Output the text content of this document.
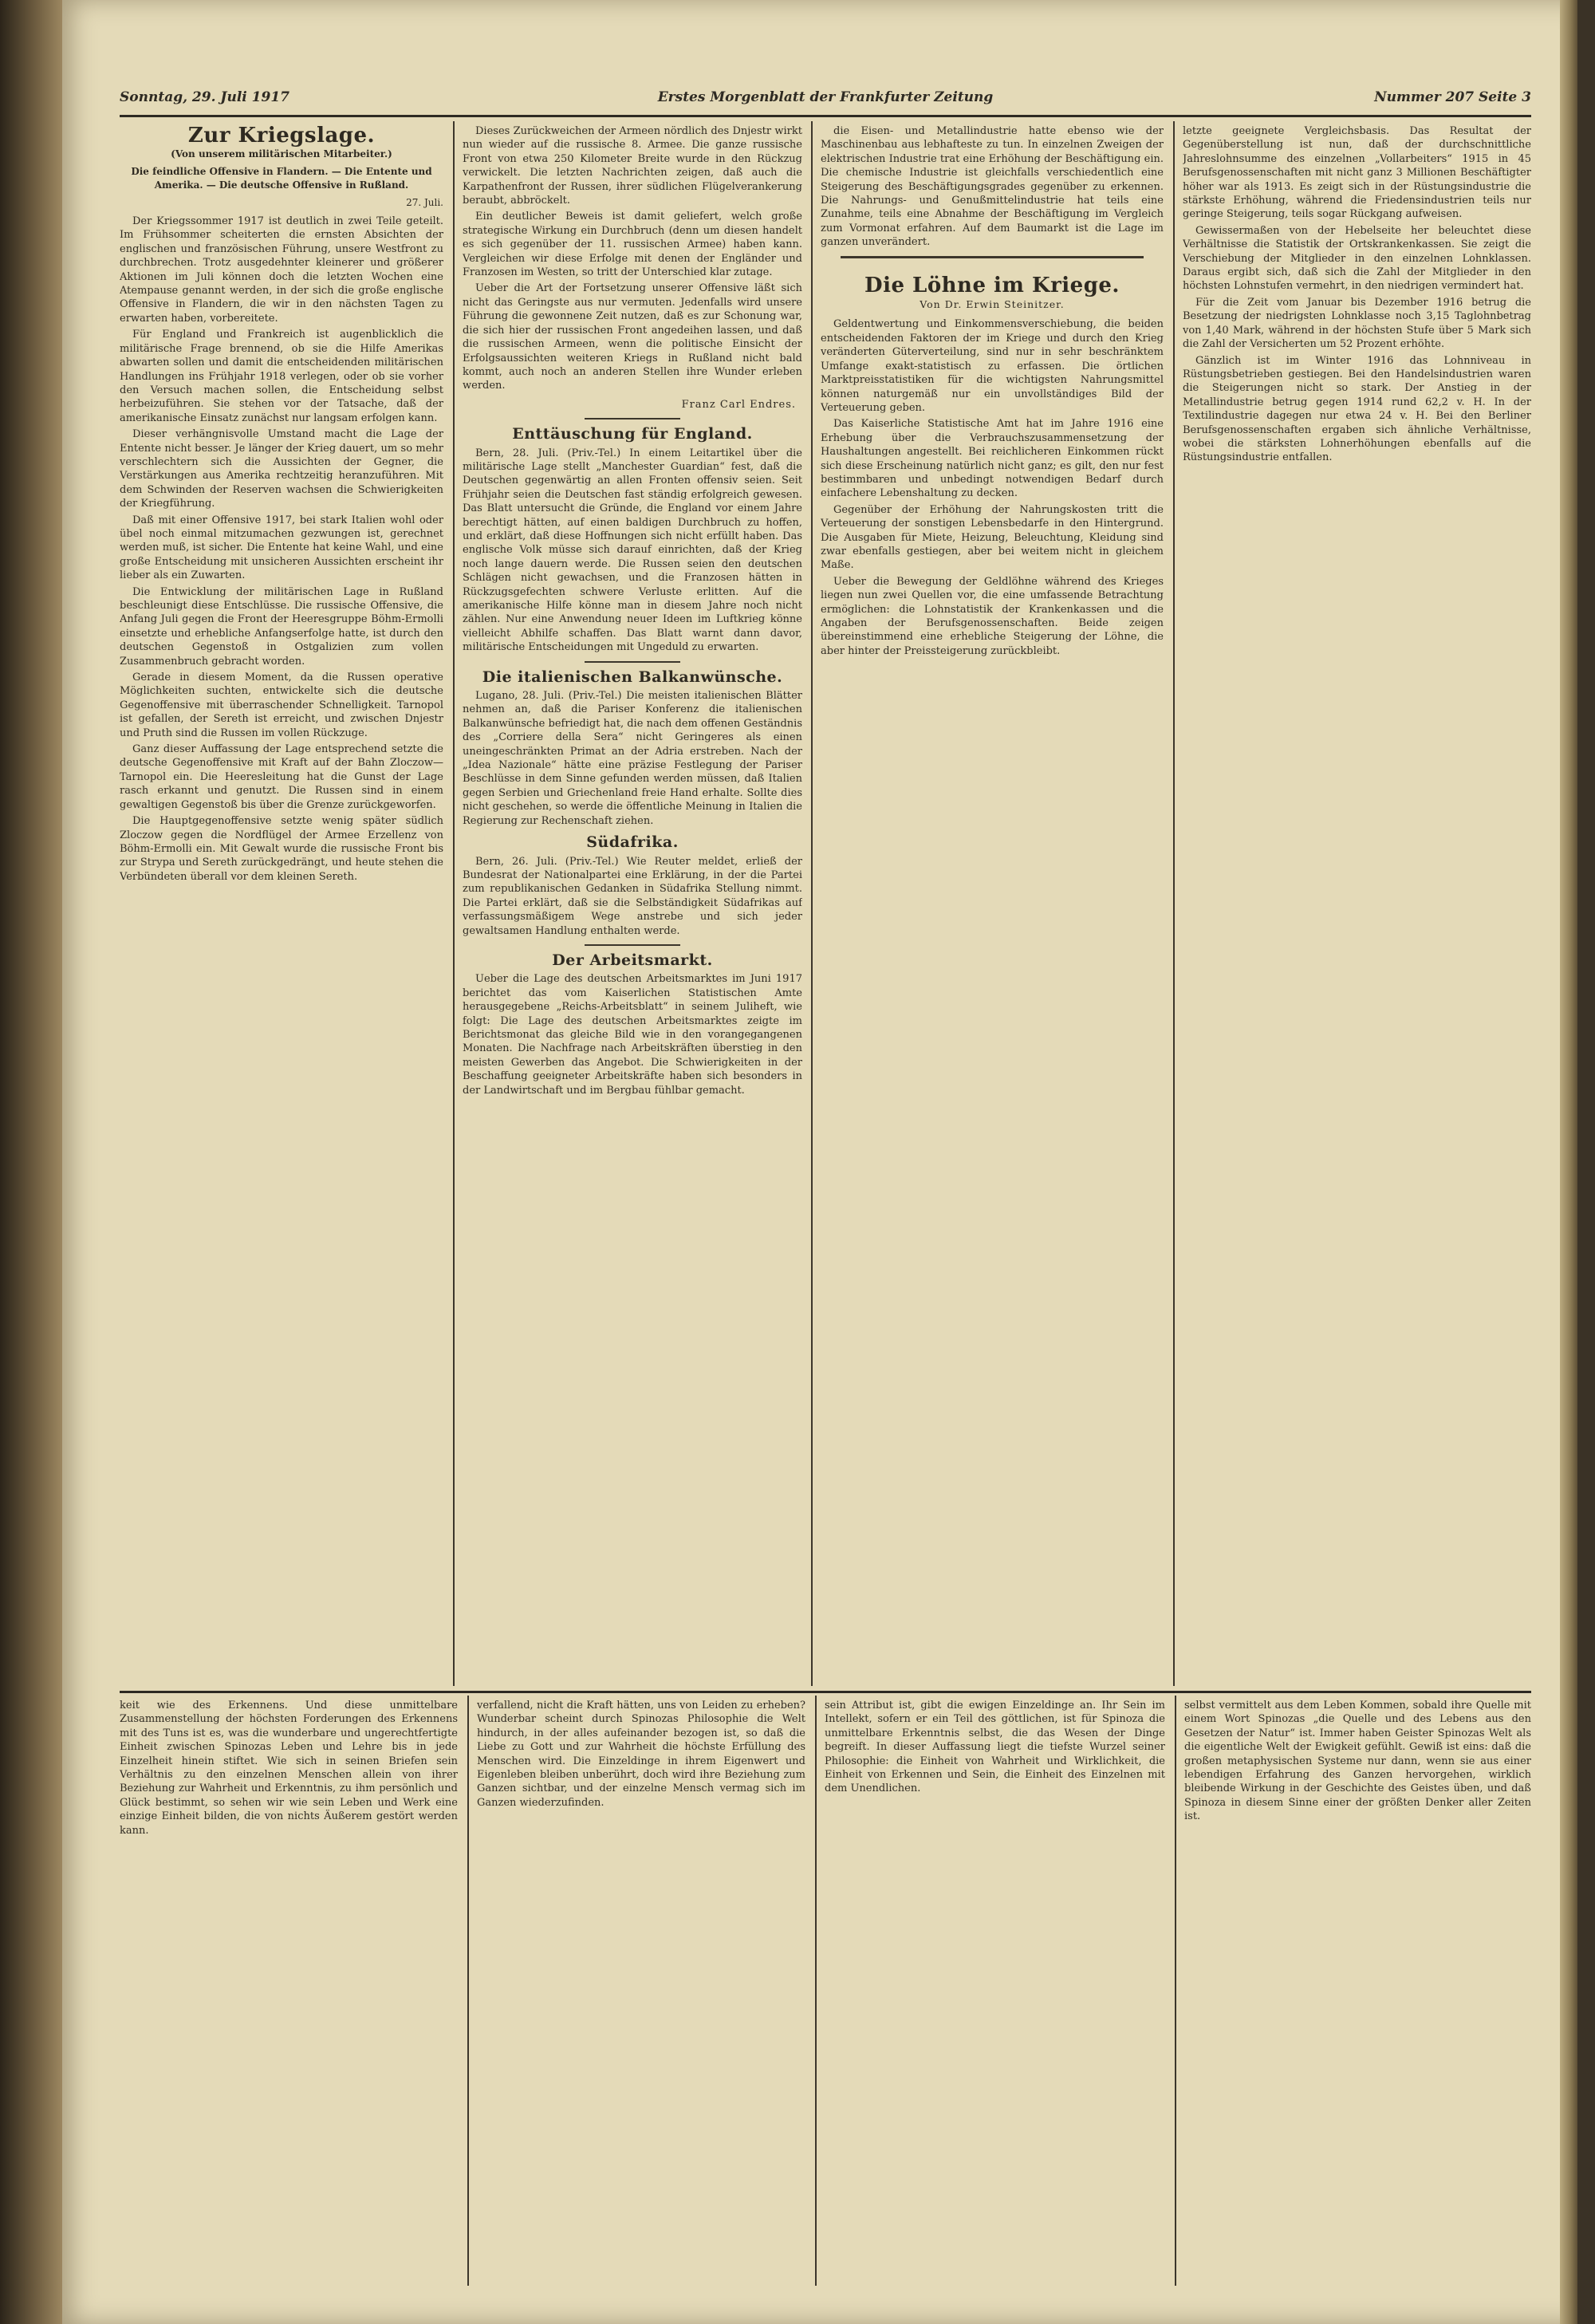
Sonntag, 29. Juli 1917	Erstes Morgenblatt der Frankfurter Zeitung	Nummer 207 Seite 3
Zur Kriegslage.
(Von unserem militärischen Mitarbeiter.)
Die feindliche Offensive in Flandern. — Die Entente und Amerika. — Die deutsche Offensive in Rußland.
27. Juli.

Der Kriegssommer 1917 ist deutlich in zwei Teile geteilt. Im Frühsommer scheiterten die ernsten Absichten der englischen und französischen Führung, unsere Westfront zu durchbrechen. Trotz ausgedehnter kleinerer und größerer Aktionen im Juli können doch die letzten Wochen eine Atempause genannt werden, in der sich die große englische Offensive in Flandern, die wir in den nächsten Tagen zu erwarten haben, vorbereitete.

Für England und Frankreich ist augenblicklich die militärische Frage brennend, ob sie die Hilfe Amerikas abwarten sollen und damit die entscheidenden militärischen Handlungen ins Frühjahr 1918 verlegen, oder ob sie vorher den Versuch machen sollen, die Entscheidung selbst herbeizuführen. Sie stehen vor der Tatsache, daß der amerikanische Einsatz zunächst nur langsam erfolgen kann.

Dieser verhängnisvolle Umstand macht die Lage der Entente nicht besser. Je länger der Krieg dauert, um so mehr verschlechtern sich die Aussichten der Gegner, die Verstärkungen aus Amerika rechtzeitig heranzuführen. Mit dem Schwinden der Reserven wachsen die Schwierigkeiten der Kriegführung.

Daß mit einer Offensive 1917, bei stark Italien wohl oder übel noch einmal mitzumachen gezwungen ist, gerechnet werden muß, ist sicher. Die Entente hat keine Wahl, und eine große Entscheidung mit unsicheren Aussichten erscheint ihr lieber als ein Zuwarten.

Die Entwicklung der militärischen Lage in Rußland beschleunigt diese Entschlüsse. Die russische Offensive, die Anfang Juli gegen die Front der Heeresgruppe Böhm-Ermolli einsetzte und erhebliche Anfangserfolge hatte, ist durch den deutschen Gegenstoß in Ostgalizien zum vollen Zusammenbruch gebracht worden.

Gerade in diesem Moment, da die Russen operative Möglichkeiten suchten, entwickelte sich die deutsche Gegenoffensive mit überraschender Schnelligkeit. Tarnopol ist gefallen, der Sereth ist erreicht, und zwischen Dnjestr und Pruth sind die Russen im vollen Rückzuge.

Ganz dieser Auffassung der Lage entsprechend setzte die deutsche Gegenoffensive mit Kraft auf der Bahn Zloczow—Tarnopol ein. Die Heeresleitung hat die Gunst der Lage rasch erkannt und genutzt. Die Russen sind in einem gewaltigen Gegenstoß bis über die Grenze zurückgeworfen.

Die Hauptgegenoffensive setzte wenig später südlich Zloczow gegen die Nordflügel der Armee Erzellenz von Böhm-Ermolli ein. Mit Gewalt wurde die russische Front bis zur Strypa und Sereth zurückgedrängt, und heute stehen die Verbündeten überall vor dem kleinen Sereth.

Dieses Zurückweichen der Armeen nördlich des Dnjestr wirkt nun wieder auf die russische 8. Armee. Die ganze russische Front von etwa 250 Kilometer Breite wurde in den Rückzug verwickelt. Die letzten Nachrichten zeigen, daß auch die Karpathenfront der Russen, ihrer südlichen Flügelverankerung beraubt, abbröckelt.

Ein deutlicher Beweis ist damit geliefert, welch große strategische Wirkung ein Durchbruch (denn um diesen handelt es sich gegenüber der 11. russischen Armee) haben kann. Vergleichen wir diese Erfolge mit denen der Engländer und Franzosen im Westen, so tritt der Unterschied klar zutage.

Ueber die Art der Fortsetzung unserer Offensive läßt sich nicht das Geringste aus nur vermuten. Jedenfalls wird unsere Führung die gewonnene Zeit nutzen, daß es zur Schonung war, die sich hier der russischen Front angedeihen lassen, und daß die russischen Armeen, wenn die politische Einsicht der Erfolgsaussichten weiteren Kriegs in Rußland nicht bald kommt, auch noch an anderen Stellen ihre Wunder erleben werden.

Franz Carl Endres.
Enttäuschung für England.

Bern, 28. Juli. (Priv.-Tel.) In einem Leitartikel über die militärische Lage stellt „Manchester Guardian“ fest, daß die Deutschen gegenwärtig an allen Fronten offensiv seien. Seit Frühjahr seien die Deutschen fast ständig erfolgreich gewesen. Das Blatt untersucht die Gründe, die England vor einem Jahre berechtigt hätten, auf einen baldigen Durchbruch zu hoffen, und erklärt, daß diese Hoffnungen sich nicht erfüllt haben. Das englische Volk müsse sich darauf einrichten, daß der Krieg noch lange dauern werde. Die Russen seien den deutschen Schlägen nicht gewachsen, und die Franzosen hätten in Rückzugsgefechten schwere Verluste erlitten. Auf die amerikanische Hilfe könne man in diesem Jahre noch nicht zählen. Nur eine Anwendung neuer Ideen im Luftkrieg könne vielleicht Abhilfe schaffen. Das Blatt warnt dann davor, militärische Entscheidungen mit Ungeduld zu erwarten.

Die italienischen Balkanwünsche.

Lugano, 28. Juli. (Priv.-Tel.) Die meisten italienischen Blätter nehmen an, daß die Pariser Konferenz die italienischen Balkanwünsche befriedigt hat, die nach dem offenen Geständnis des „Corriere della Sera“ nicht Geringeres als einen uneingeschränkten Primat an der Adria erstreben. Nach der „Idea Nazionale“ hätte eine präzise Festlegung der Pariser Beschlüsse in dem Sinne gefunden werden müssen, daß Italien gegen Serbien und Griechenland freie Hand erhalte. Sollte dies nicht geschehen, so werde die öffentliche Meinung in Italien die Regierung zur Rechenschaft ziehen.

Südafrika.

Bern, 26. Juli. (Priv.-Tel.) Wie Reuter meldet, erließ der Bundesrat der Nationalpartei eine Erklärung, in der die Partei zum republikanischen Gedanken in Südafrika Stellung nimmt. Die Partei erklärt, daß sie die Selbständigkeit Südafrikas auf verfassungsmäßigem Wege anstrebe und sich jeder gewaltsamen Handlung enthalten werde.

Der Arbeitsmarkt.

Ueber die Lage des deutschen Arbeitsmarktes im Juni 1917 berichtet das vom Kaiserlichen Statistischen Amte herausgegebene „Reichs-Arbeitsblatt“ in seinem Juliheft, wie folgt: Die Lage des deutschen Arbeitsmarktes zeigte im Berichtsmonat das gleiche Bild wie in den vorangegangenen Monaten. Die Nachfrage nach Arbeitskräften überstieg in den meisten Gewerben das Angebot. Die Schwierigkeiten in der Beschaffung geeigneter Arbeitskräfte haben sich besonders in der Landwirtschaft und im Bergbau fühlbar gemacht.

die Eisen- und Metallindustrie hatte ebenso wie der Maschinenbau aus lebhafteste zu tun. In einzelnen Zweigen der elektrischen Industrie trat eine Erhöhung der Beschäftigung ein. Die chemische Industrie ist gleichfalls verschiedentlich eine Steigerung des Beschäftigungsgrades gegenüber zu erkennen. Die Nahrungs- und Genußmittelindustrie hat teils eine Zunahme, teils eine Abnahme der Beschäftigung im Vergleich zum Vormonat erfahren. Auf dem Baumarkt ist die Lage im ganzen unverändert.

Die Löhne im Kriege.
Von Dr. Erwin Steinitzer.

Geldentwertung und Einkommensverschiebung, die beiden entscheidenden Faktoren der im Kriege und durch den Krieg veränderten Güterverteilung, sind nur in sehr beschränktem Umfange exakt-statistisch zu erfassen. Die örtlichen Marktpreisstatistiken für die wichtigsten Nahrungsmittel können naturgemäß nur ein unvollständiges Bild der Verteuerung geben.

Das Kaiserliche Statistische Amt hat im Jahre 1916 eine Erhebung über die Verbrauchszusammensetzung der Haushaltungen angestellt. Bei reichlicheren Einkommen rückt sich diese Erscheinung natürlich nicht ganz; es gilt, den nur fest bestimmbaren und unbedingt notwendigen Bedarf durch einfachere Lebenshaltung zu decken.

Gegenüber der Erhöhung der Nahrungskosten tritt die Verteuerung der sonstigen Lebensbedarfe in den Hintergrund. Die Ausgaben für Miete, Heizung, Beleuchtung, Kleidung sind zwar ebenfalls gestiegen, aber bei weitem nicht in gleichem Maße.

Ueber die Bewegung der Geldlöhne während des Krieges liegen nun zwei Quellen vor, die eine umfassende Betrachtung ermöglichen: die Lohnstatistik der Krankenkassen und die Angaben der Berufsgenossenschaften. Beide zeigen übereinstimmend eine erhebliche Steigerung der Löhne, die aber hinter der Preissteigerung zurückbleibt.

letzte geeignete Vergleichsbasis. Das Resultat der Gegenüberstellung ist nun, daß der durchschnittliche Jahreslohnsumme des einzelnen „Vollarbeiters“ 1915 in 45 Berufsgenossenschaften mit nicht ganz 3 Millionen Beschäftigter höher war als 1913. Es zeigt sich in der Rüstungsindustrie die stärkste Erhöhung, während die Friedensindustrien teils nur geringe Steigerung, teils sogar Rückgang aufweisen.

Gewissermaßen von der Hebelseite her beleuchtet diese Verhältnisse die Statistik der Ortskrankenkassen. Sie zeigt die Verschiebung der Mitglieder in den einzelnen Lohnklassen. Daraus ergibt sich, daß sich die Zahl der Mitglieder in den höchsten Lohnstufen vermehrt, in den niedrigen vermindert hat.

Für die Zeit vom Januar bis Dezember 1916 betrug die Besetzung der niedrigsten Lohnklasse noch 3,15 Taglohnbetrag von 1,40 Mark, während in der höchsten Stufe über 5 Mark sich die Zahl der Versicherten um 52 Prozent erhöhte.

Gänzlich ist im Winter 1916 das Lohnniveau in Rüstungsbetrieben gestiegen. Bei den Handelsindustrien waren die Steigerungen nicht so stark. Der Anstieg in der Metallindustrie betrug gegen 1914 rund 62,2 v. H. In der Textilindustrie dagegen nur etwa 24 v. H. Bei den Berliner Berufsgenossenschaften ergaben sich ähnliche Verhältnisse, wobei die stärksten Lohnerhöhungen ebenfalls auf die Rüstungsindustrie entfallen.

keit wie des Erkennens. Und diese unmittelbare Zusammenstellung der höchsten Forderungen des Erkennens mit des Tuns ist es, was die wunderbare und ungerechtfertigte Einheit zwischen Spinozas Leben und Lehre bis in jede Einzelheit hinein stiftet. Wie sich in seinen Briefen sein Verhältnis zu den einzelnen Menschen allein von ihrer Beziehung zur Wahrheit und Erkenntnis, zu ihm persönlich und Glück bestimmt, so sehen wir wie sein Leben und Werk eine einzige Einheit bilden, die von nichts Äußerem gestört werden kann.

verfallend, nicht die Kraft hätten, uns von Leiden zu erheben? Wunderbar scheint durch Spinozas Philosophie die Welt hindurch, in der alles aufeinander bezogen ist, so daß die Liebe zu Gott und zur Wahrheit die höchste Erfüllung des Menschen wird. Die Einzeldinge in ihrem Eigenwert und Eigenleben bleiben unberührt, doch wird ihre Beziehung zum Ganzen sichtbar, und der einzelne Mensch vermag sich im Ganzen wiederzufinden.

sein Attribut ist, gibt die ewigen Einzeldinge an. Ihr Sein im Intellekt, sofern er ein Teil des göttlichen, ist für Spinoza die unmittelbare Erkenntnis selbst, die das Wesen der Dinge begreift. In dieser Auffassung liegt die tiefste Wurzel seiner Philosophie: die Einheit von Wahrheit und Wirklichkeit, die Einheit von Erkennen und Sein, die Einheit des Einzelnen mit dem Unendlichen.

selbst vermittelt aus dem Leben Kommen, sobald ihre Quelle mit einem Wort Spinozas „die Quelle und des Lebens aus den Gesetzen der Natur“ ist. Immer haben Geister Spinozas Welt als die eigentliche Welt der Ewigkeit gefühlt. Gewiß ist eins: daß die großen metaphysischen Systeme nur dann, wenn sie aus einer lebendigen Erfahrung des Ganzen hervorgehen, wirklich bleibende Wirkung in der Geschichte des Geistes üben, und daß Spinoza in diesem Sinne einer der größten Denker aller Zeiten ist.
